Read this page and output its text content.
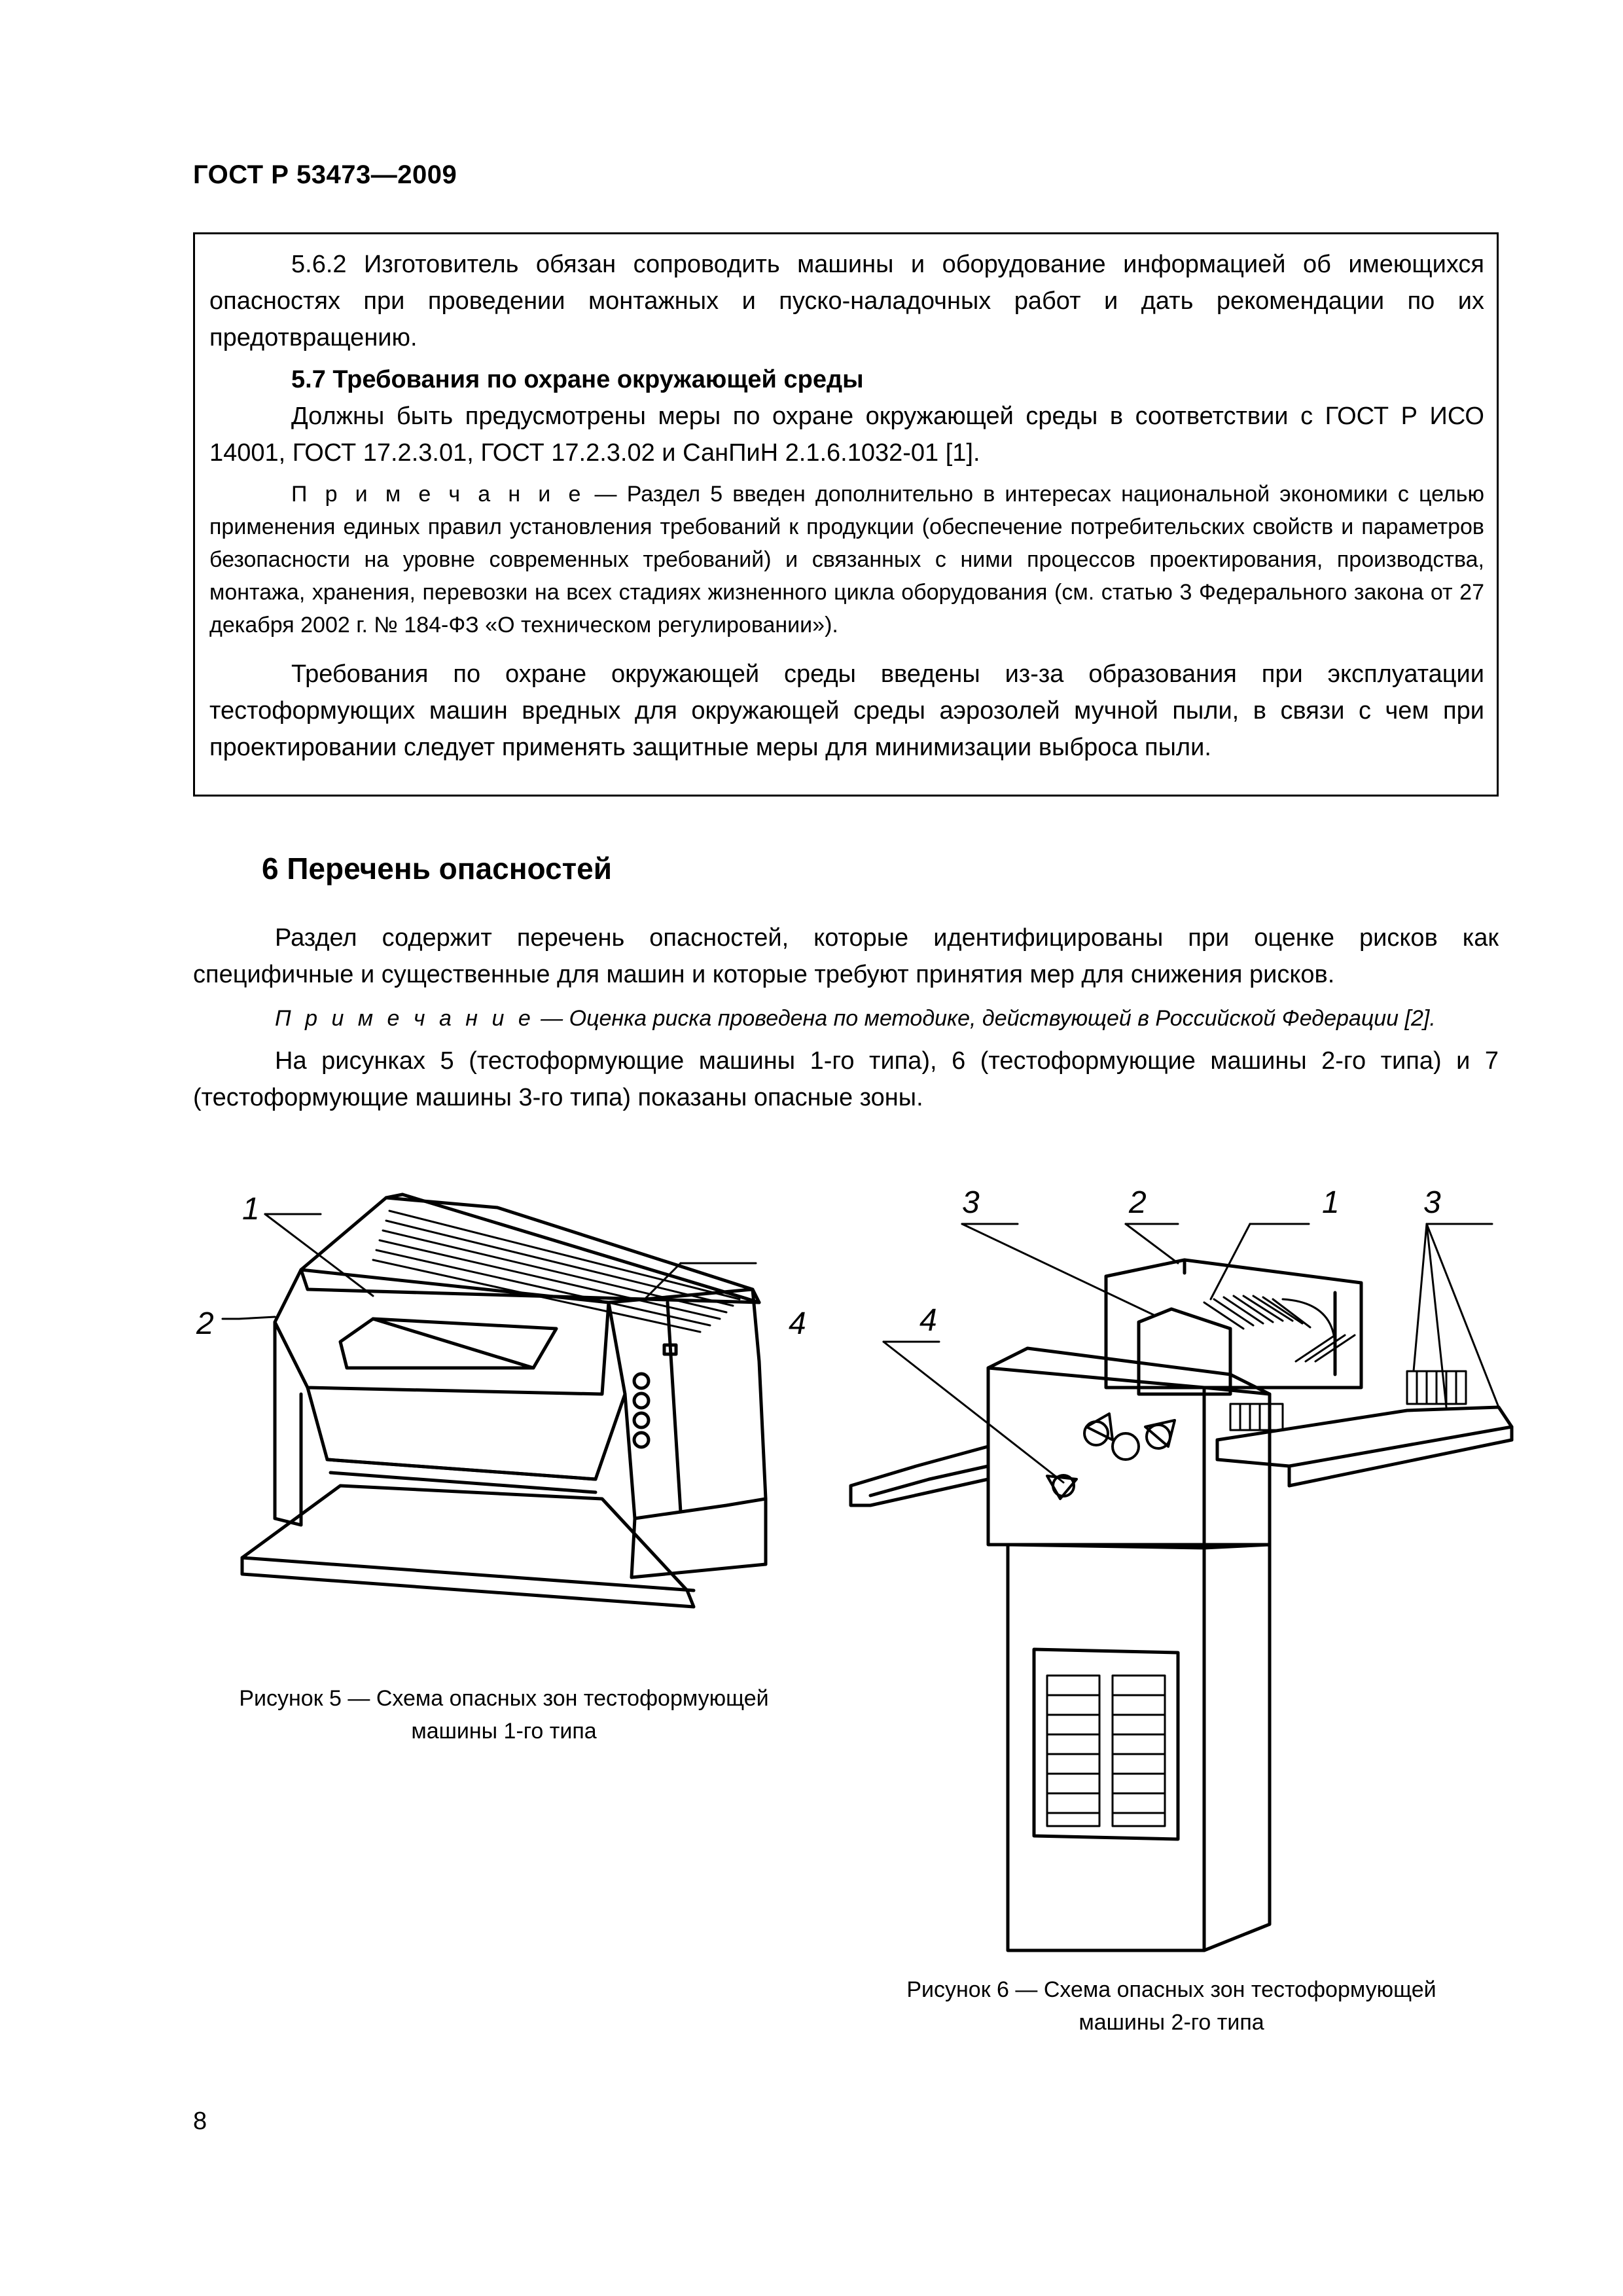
ГОСТ Р 53473—2009

5.6.2 Изготовитель обязан сопроводить машины и оборудование информацией об имеющихся опасностях при проведении монтажных и пуско-наладочных работ и дать рекомендации по их предотвращению.

5.7 Требования по охране окружающей среды

Должны быть предусмотрены меры по охране окружающей среды в соответствии с ГОСТ Р ИСО 14001, ГОСТ 17.2.3.01, ГОСТ 17.2.3.02 и СанПиН 2.1.6.1032-01 [1].

П р и м е ч а н и е — Раздел 5 введен дополнительно в интересах национальной экономики с целью применения единых правил установления требований к продукции (обеспечение потребительских свойств и параметров безопасности на уровне современных требований) и связанных с ними процессов проектирования, производства, монтажа, хранения, перевозки на всех стадиях жизненного цикла оборудования (см. статью 3 Федерального закона от 27 декабря 2002 г. № 184-ФЗ «О техническом регулировании»).

Требования по охране окружающей среды введены из-за образования при эксплуатации тестоформующих машин вредных для окружающей среды аэрозолей мучной пыли, в связи с чем при проектировании следует применять защитные меры для минимизации выброса пыли.

6 Перечень опасностей

Раздел содержит перечень опасностей, которые идентифицированы при оценке рисков как специфичные и существенные для машин и которые требуют принятия мер для снижения рисков.

П р и м е ч а н и е — Оценка риска проведена по методике, действующей в Российской Федерации [2].

На рисунках 5 (тестоформующие машины 1-го типа), 6 (тестоформующие машины 2-го типа) и 7 (тестоформующие машины 3-го типа) показаны опасные зоны.

1
2	4
Рисунок 5 — Схема опасных зон тестоформующей
машины 1-го типа
3	2	1	3
4
Рисунок 6 — Схема опасных зон тестоформующей
машины 2-го типа
8
